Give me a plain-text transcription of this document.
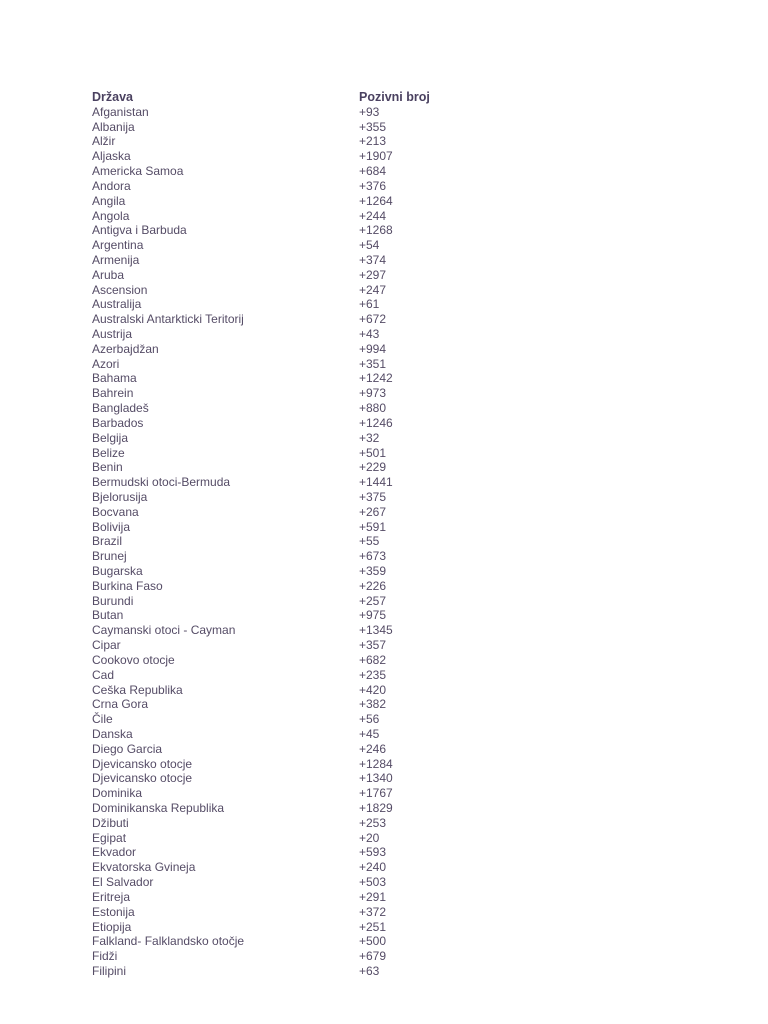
Država	Pozivni broj
Afganistan	+93
Albanija	+355
Alžir	+213
Aljaska	+1907
Americka Samoa	+684
Andora	+376
Angila	+1264
Angola	+244
Antigva i Barbuda	+1268
Argentina	+54
Armenija	+374
Aruba	+297
Ascension	+247
Australija	+61
Australski Antarkticki Teritorij	+672
Austrija	+43
Azerbajdžan	+994
Azori	+351
Bahama	+1242
Bahrein	+973
Bangladeš	+880
Barbados	+1246
Belgija	+32
Belize	+501
Benin	+229
Bermudski otoci-Bermuda	+1441
Bjelorusija	+375
Bocvana	+267
Bolivija	+591
Brazil	+55
Brunej	+673
Bugarska	+359
Burkina Faso	+226
Burundi	+257
Butan	+975
Caymanski otoci - Cayman	+1345
Cipar	+357
Cookovo otocje	+682
Cad	+235
Ceška Republika	+420
Crna Gora	+382
Čile	+56
Danska	+45
Diego Garcia	+246
Djevicansko otocje	+1284
Djevicansko otocje	+1340
Dominika	+1767
Dominikanska Republika	+1829
Džibuti	+253
Egipat	+20
Ekvador	+593
Ekvatorska Gvineja	+240
El Salvador	+503
Eritreja	+291
Estonija	+372
Etiopija	+251
Falkland- Falklandsko otočje	+500
Fidži	+679
Filipini	+63
